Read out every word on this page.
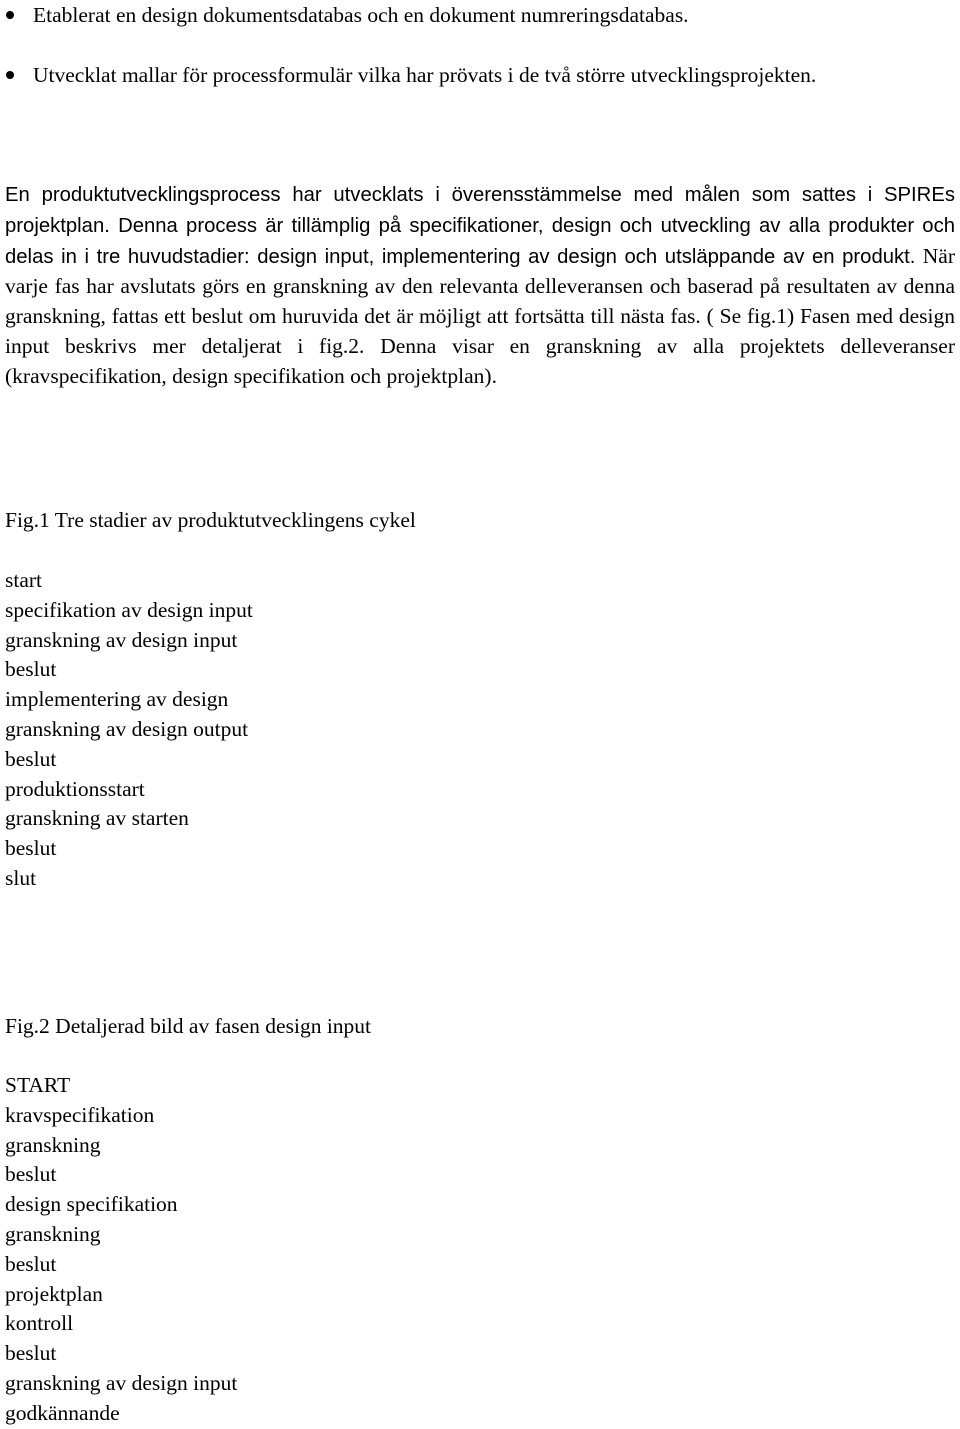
Etablerat en design dokumentsdatabas och en dokument numreringsdatabas.
Utvecklat mallar för processformulär vilka har prövats i de två större utvecklingsprojekten.

En produktutvecklingsprocess har utvecklats i överensstämmelse med målen som sattes i SPIREs projektplan. Denna process är tillämplig på specifikationer, design och utveckling av alla produkter och delas in i tre huvudstadier: design input, implementering av design och utsläppande av en produkt. När varje fas har avslutats görs en granskning av den relevanta delleveransen och baserad på resultaten av denna granskning, fattas ett beslut om huruvida det är möjligt att fortsätta till nästa fas. ( Se fig.1) Fasen med design input beskrivs mer detaljerat i fig.2. Denna visar en granskning av alla projektets delleveranser (kravspecifikation, design specifikation och projektplan).

Fig.1 Tre stadier av produktutvecklingens cykel

start
specifikation av design input
granskning av design input
beslut
implementering av design
granskning av design output
beslut
produktionsstart
granskning av starten
beslut
slut

Fig.2 Detaljerad bild av fasen design input

START
kravspecifikation
granskning
beslut
design specifikation
granskning
beslut
projektplan
kontroll
beslut
granskning av design input
godkännande
